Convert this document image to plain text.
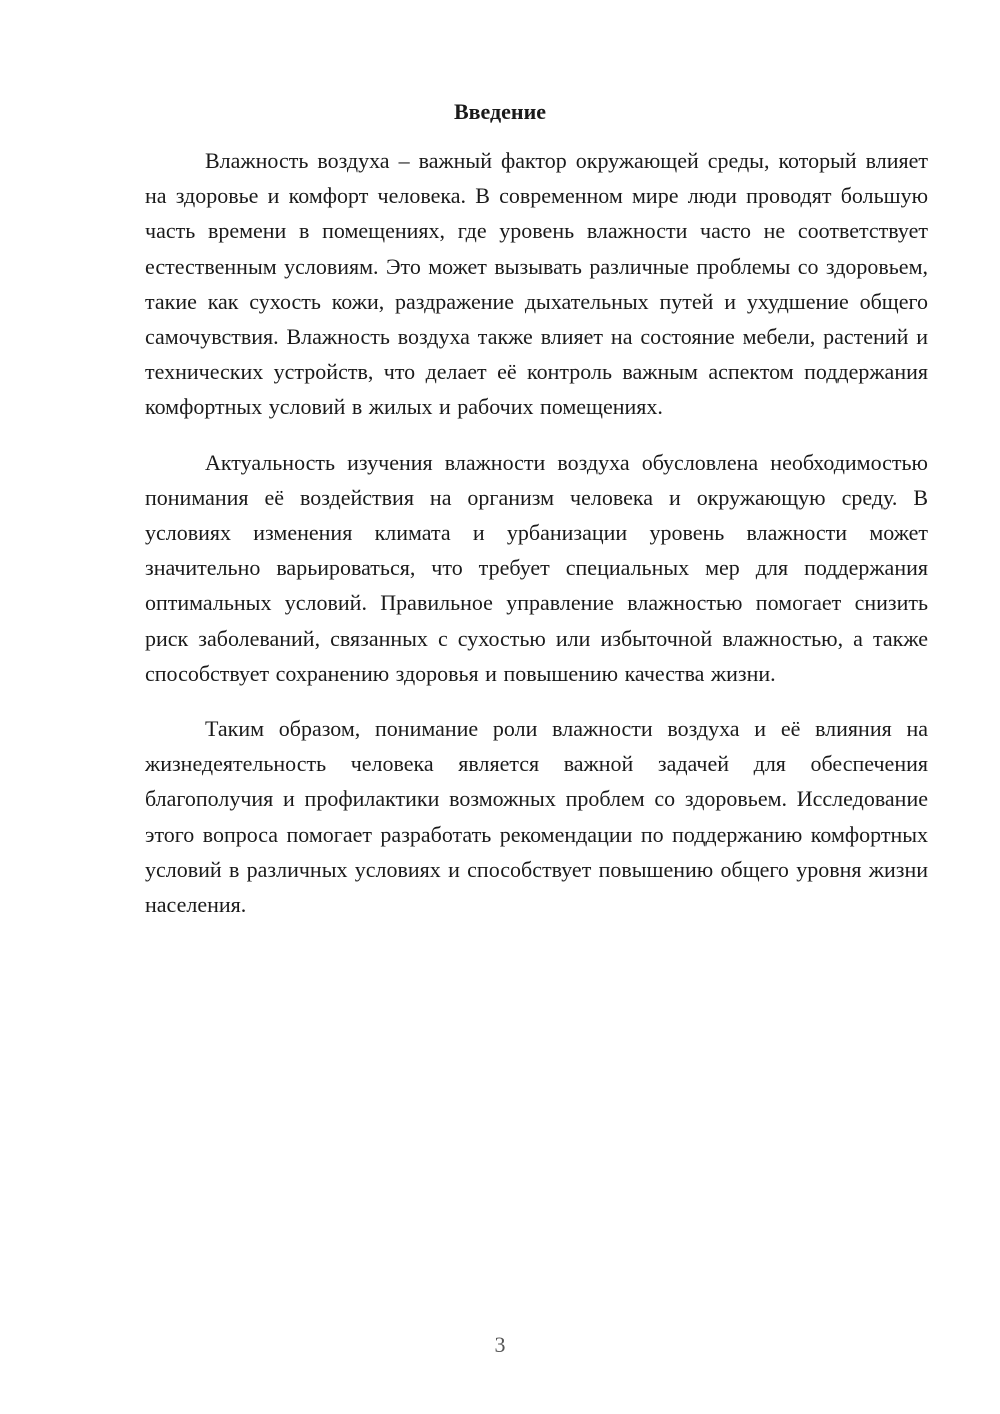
Введение

Влажность воздуха – важный фактор окружающей среды, который влияет на здоровье и комфорт человека. В современном мире люди проводят большую часть времени в помещениях, где уровень влажности часто не соответствует естественным условиям. Это может вызывать различные проблемы со здоровьем, такие как сухость кожи, раздражение дыхательных путей и ухудшение общего самочувствия. Влажность воздуха также влияет на состояние мебели, растений и технических устройств, что делает её контроль важным аспектом поддержания комфортных условий в жилых и рабочих помещениях.

Актуальность изучения влажности воздуха обусловлена необходимостью понимания её воздействия на организм человека и окружающую среду. В условиях изменения климата и урбанизации уровень влажности может значительно варьироваться, что требует специальных мер для поддержания оптимальных условий. Правильное управление влажностью помогает снизить риск заболеваний, связанных с сухостью или избыточной влажностью, а также способствует сохранению здоровья и повышению качества жизни.

Таким образом, понимание роли влажности воздуха и её влияния на жизнедеятельность человека является важной задачей для обеспечения благополучия и профилактики возможных проблем со здоровьем. Исследование этого вопроса помогает разработать рекомендации по поддержанию комфортных условий в различных условиях и способствует повышению общего уровня жизни населения.

3
